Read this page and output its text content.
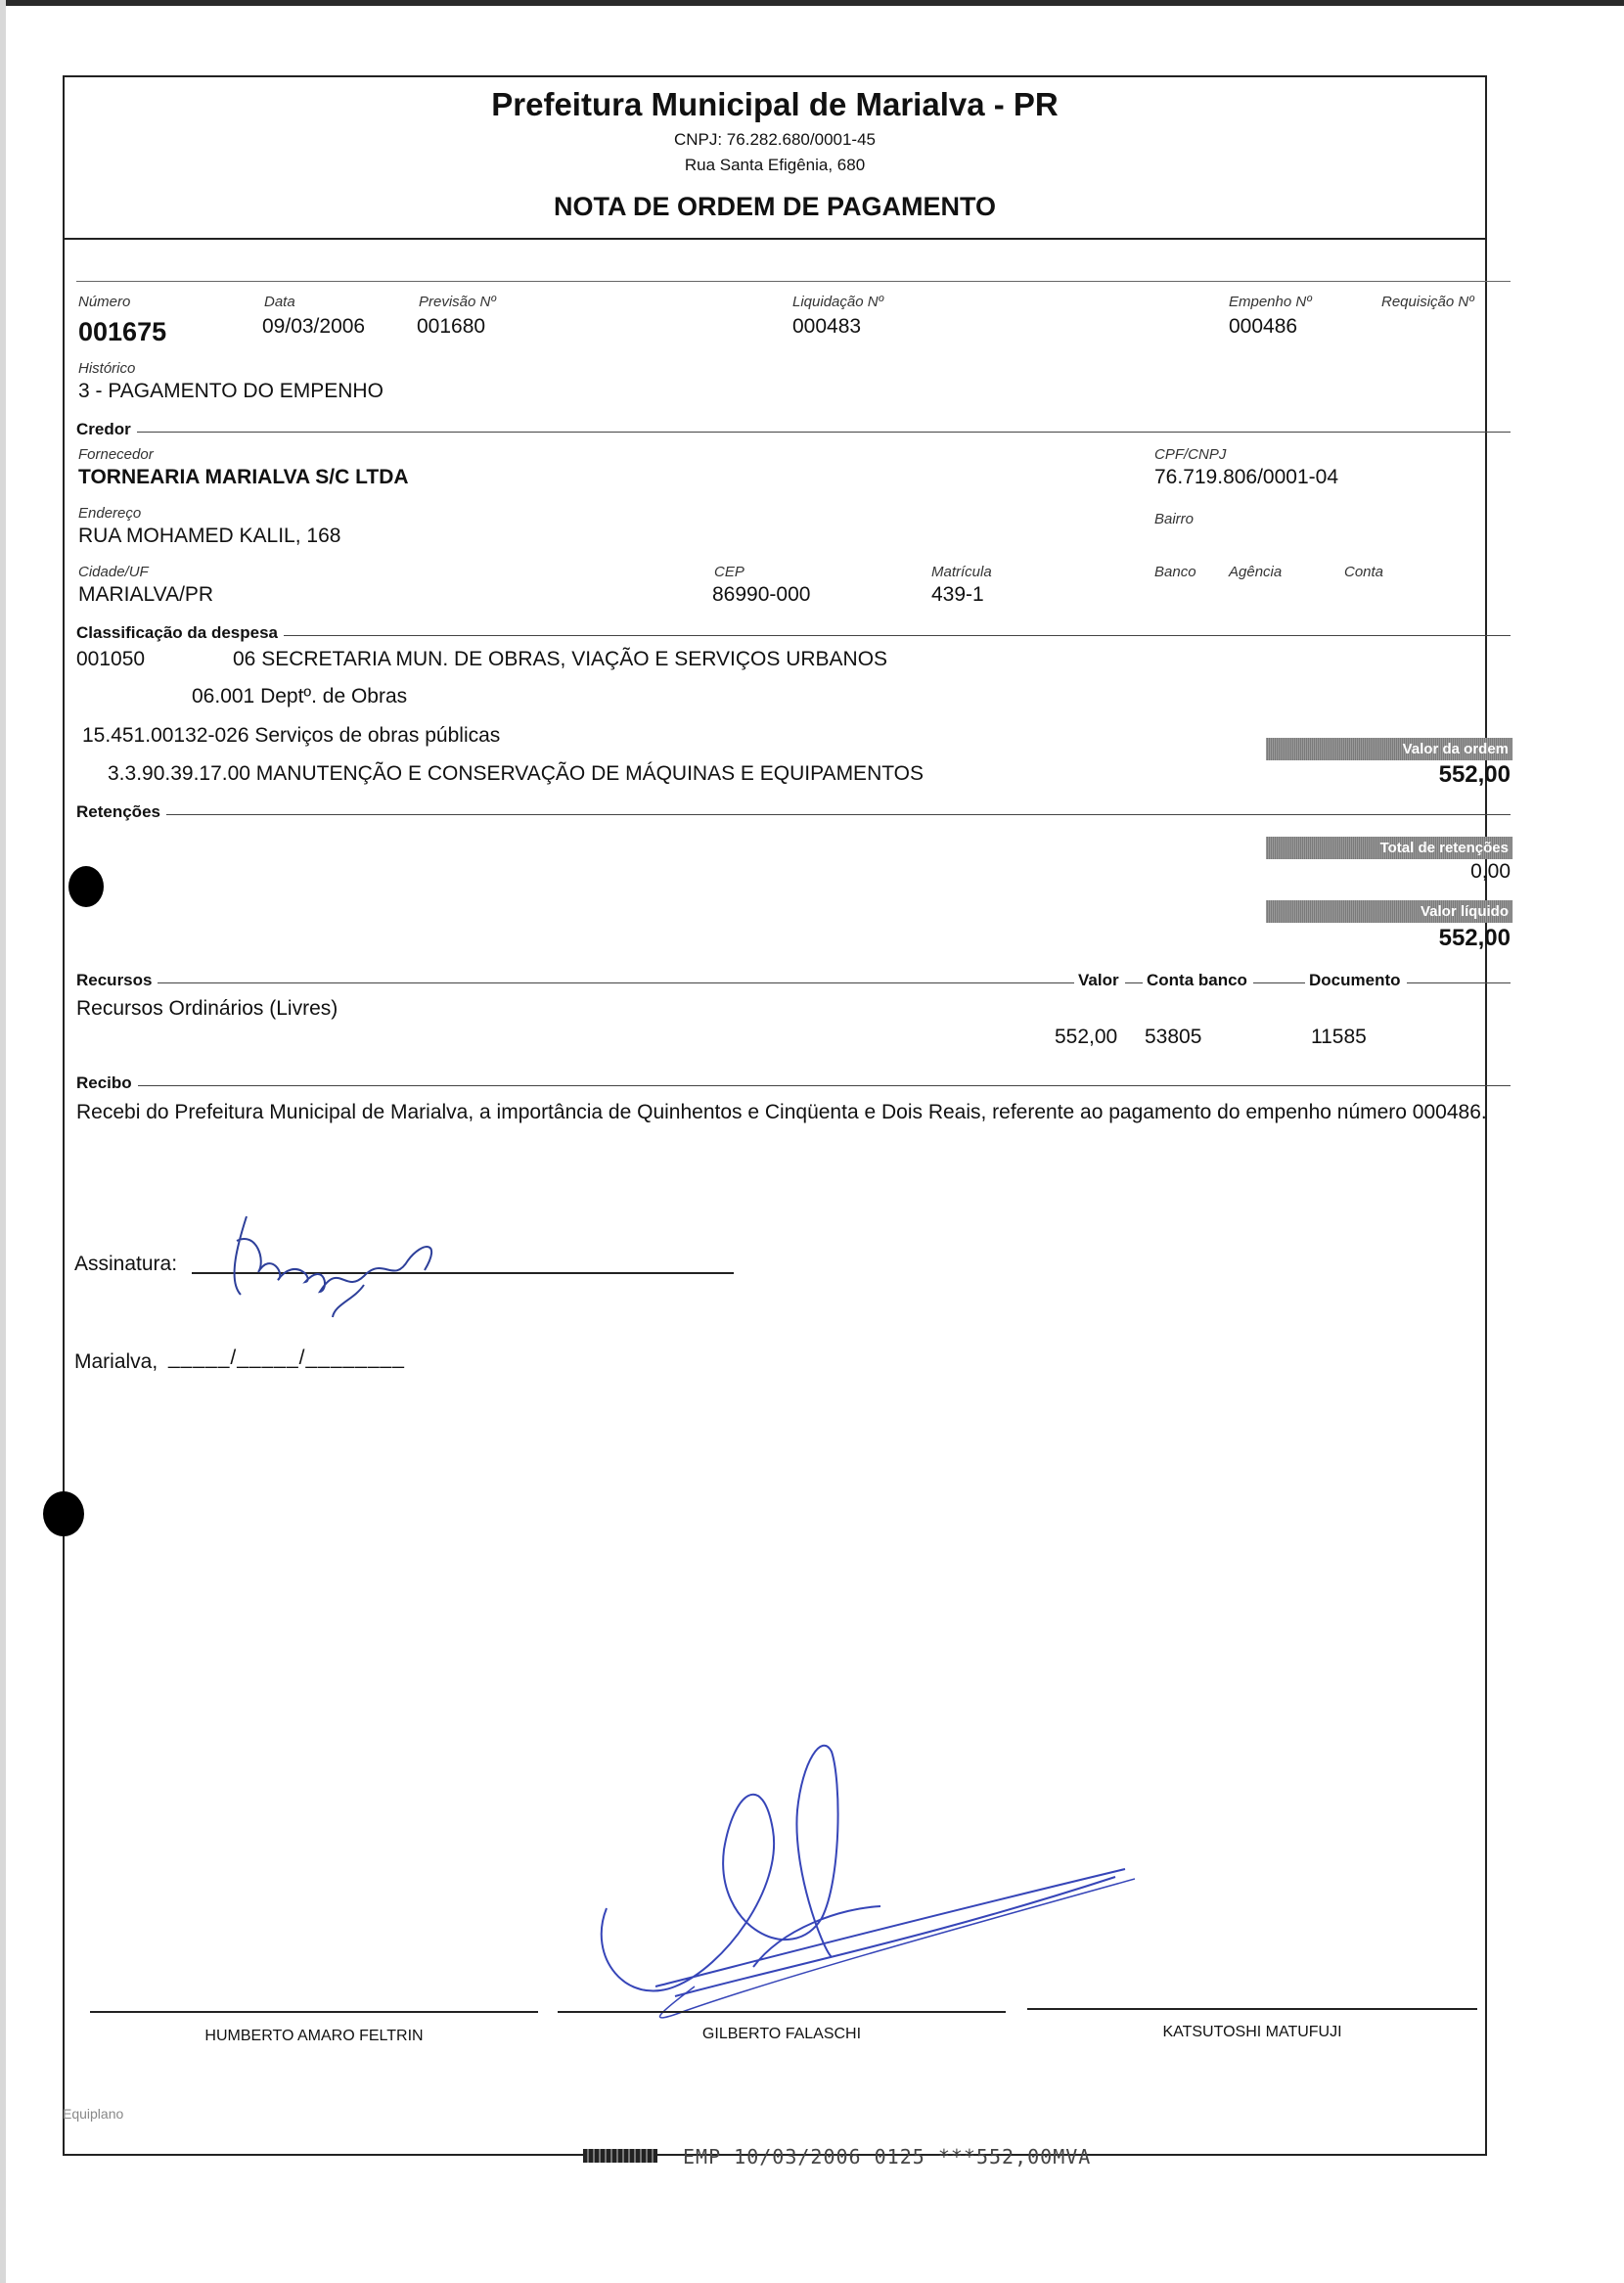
Prefeitura Municipal de Marialva - PR
CNPJ: 76.282.680/0001-45
Rua Santa Efigênia, 680
NOTA DE ORDEM DE PAGAMENTO
Número
001675
Data
09/03/2006
Previsão Nº
001680
Liquidação Nº
000483
Empenho Nº
000486
Requisição Nº
Histórico
3 - PAGAMENTO DO EMPENHO
Credor
Fornecedor
TORNEARIA MARIALVA S/C LTDA
CPF/CNPJ
76.719.806/0001-04
Endereço
RUA MOHAMED KALIL, 168
Bairro
Cidade/UF
MARIALVA/PR
CEP
86990-000
Matrícula
439-1
Banco Agência	Conta
Classificação da despesa
001050	06 SECRETARIA MUN. DE OBRAS, VIAÇÃO E SERVIÇOS URBANOS
06.001 Deptº. de Obras
15.451.00132-026 Serviços de obras públicas
3.3.90.39.17.00 MANUTENÇÃO E CONSERVAÇÃO DE MÁQUINAS E EQUIPAMENTOS
Valor da ordem
552,00
Retenções
Total de retenções
0,00
Valor líquido
552,00
Recursos	Valor	Conta banco	Documento
Recursos Ordinários (Livres)
552,00 53805	11585
Recibo
Recebi do Prefeitura Municipal de Marialva, a importância de Quinhentos e Cinqüenta e Dois Reais, referente ao pagamento do empenho número 000486.
Assinatura:
Marialva, _____/_____/________
HUMBERTO AMARO FELTRIN	GILBERTO FALASCHI	KATSUTOSHI MATUFUJI
Equiplano
EMP 10/03/2006 0125 ***552,00MVA
